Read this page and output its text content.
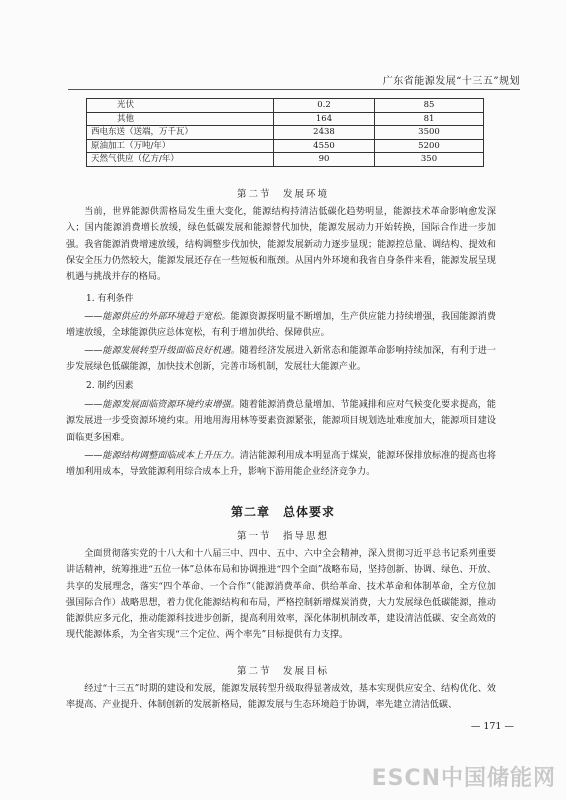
广东省能源发展“十三五”规划
光伏	0.2	85
其他	164	81
西电东送（送端，万千瓦）	2438	3500
原油加工（万吨/年）	4550	5200
天然气供应（亿方/年）	90	350
第二节　发展环境

当前，世界能源供需格局发生重大变化，能源结构持清洁低碳化趋势明显，能源技术革命影响愈发深入；国内能源消费增长放缓，绿色低碳发展和能源替代加快，能源发展动力开始转换，国际合作进一步加强。我省能源消费增速放缓，结构调整步伐加快，能源发展新动力逐步显现；能源控总量、调结构、提效和保安全压力仍然较大，能源发展还存在一些短板和瓶颈。从国内外环境和我省自身条件来看，能源发展呈现机遇与挑战并存的格局。

1. 有利条件

——能源供应的外部环境趋于宽松。能源资源探明量不断增加，生产供应能力持续增强，我国能源消费增速放缓，全球能源供应总体宽松，有利于增加供给、保障供应。

——能源发展转型升级面临良好机遇。随着经济发展进入新常态和能源革命影响持续加深，有利于进一步发展绿色低碳能源，加快技术创新，完善市场机制，发展壮大能源产业。

2. 制约因素

——能源发展面临资源环境约束增强。随着能源消费总量增加、节能减排和应对气候变化要求提高，能源发展进一步受资源环境约束。用地用海用林等要素资源紧张，能源项目规划选址难度加大，能源项目建设面临更多困难。

——能源结构调整面临成本上升压力。清洁能源利用成本明显高于煤炭，能源环保排放标准的提高也将增加利用成本，导致能源利用综合成本上升，影响下游用能企业经济竞争力。

第二章　总体要求
第一节　指导思想

全面贯彻落实党的十八大和十八届三中、四中、五中、六中全会精神，深入贯彻习近平总书记系列重要讲话精神，统筹推进“五位一体”总体布局和协调推进“四个全面”战略布局，坚持创新、协调、绿色、开放、共享的发展理念，落实“四个革命、一个合作”（能源消费革命、供给革命、技术革命和体制革命，全方位加强国际合作）战略思想，着力优化能源结构和布局，严格控制新增煤炭消费，大力发展绿色低碳能源，推动能源供应多元化，推动能源科技进步创新，提高利用效率，深化体制机制改革，建设清洁低碳、安全高效的现代能源体系，为全省实现“三个定位、两个率先”目标提供有力支撑。

第二节　发展目标

经过“十三五”时期的建设和发展，能源发展转型升级取得显著成效，基本实现供应安全、结构优化、效率提高、产业提升、体制创新的发展新格局，能源发展与生态环境趋于协调，率先建立清洁低碳、

— 171 —
ESCN中国储能网
